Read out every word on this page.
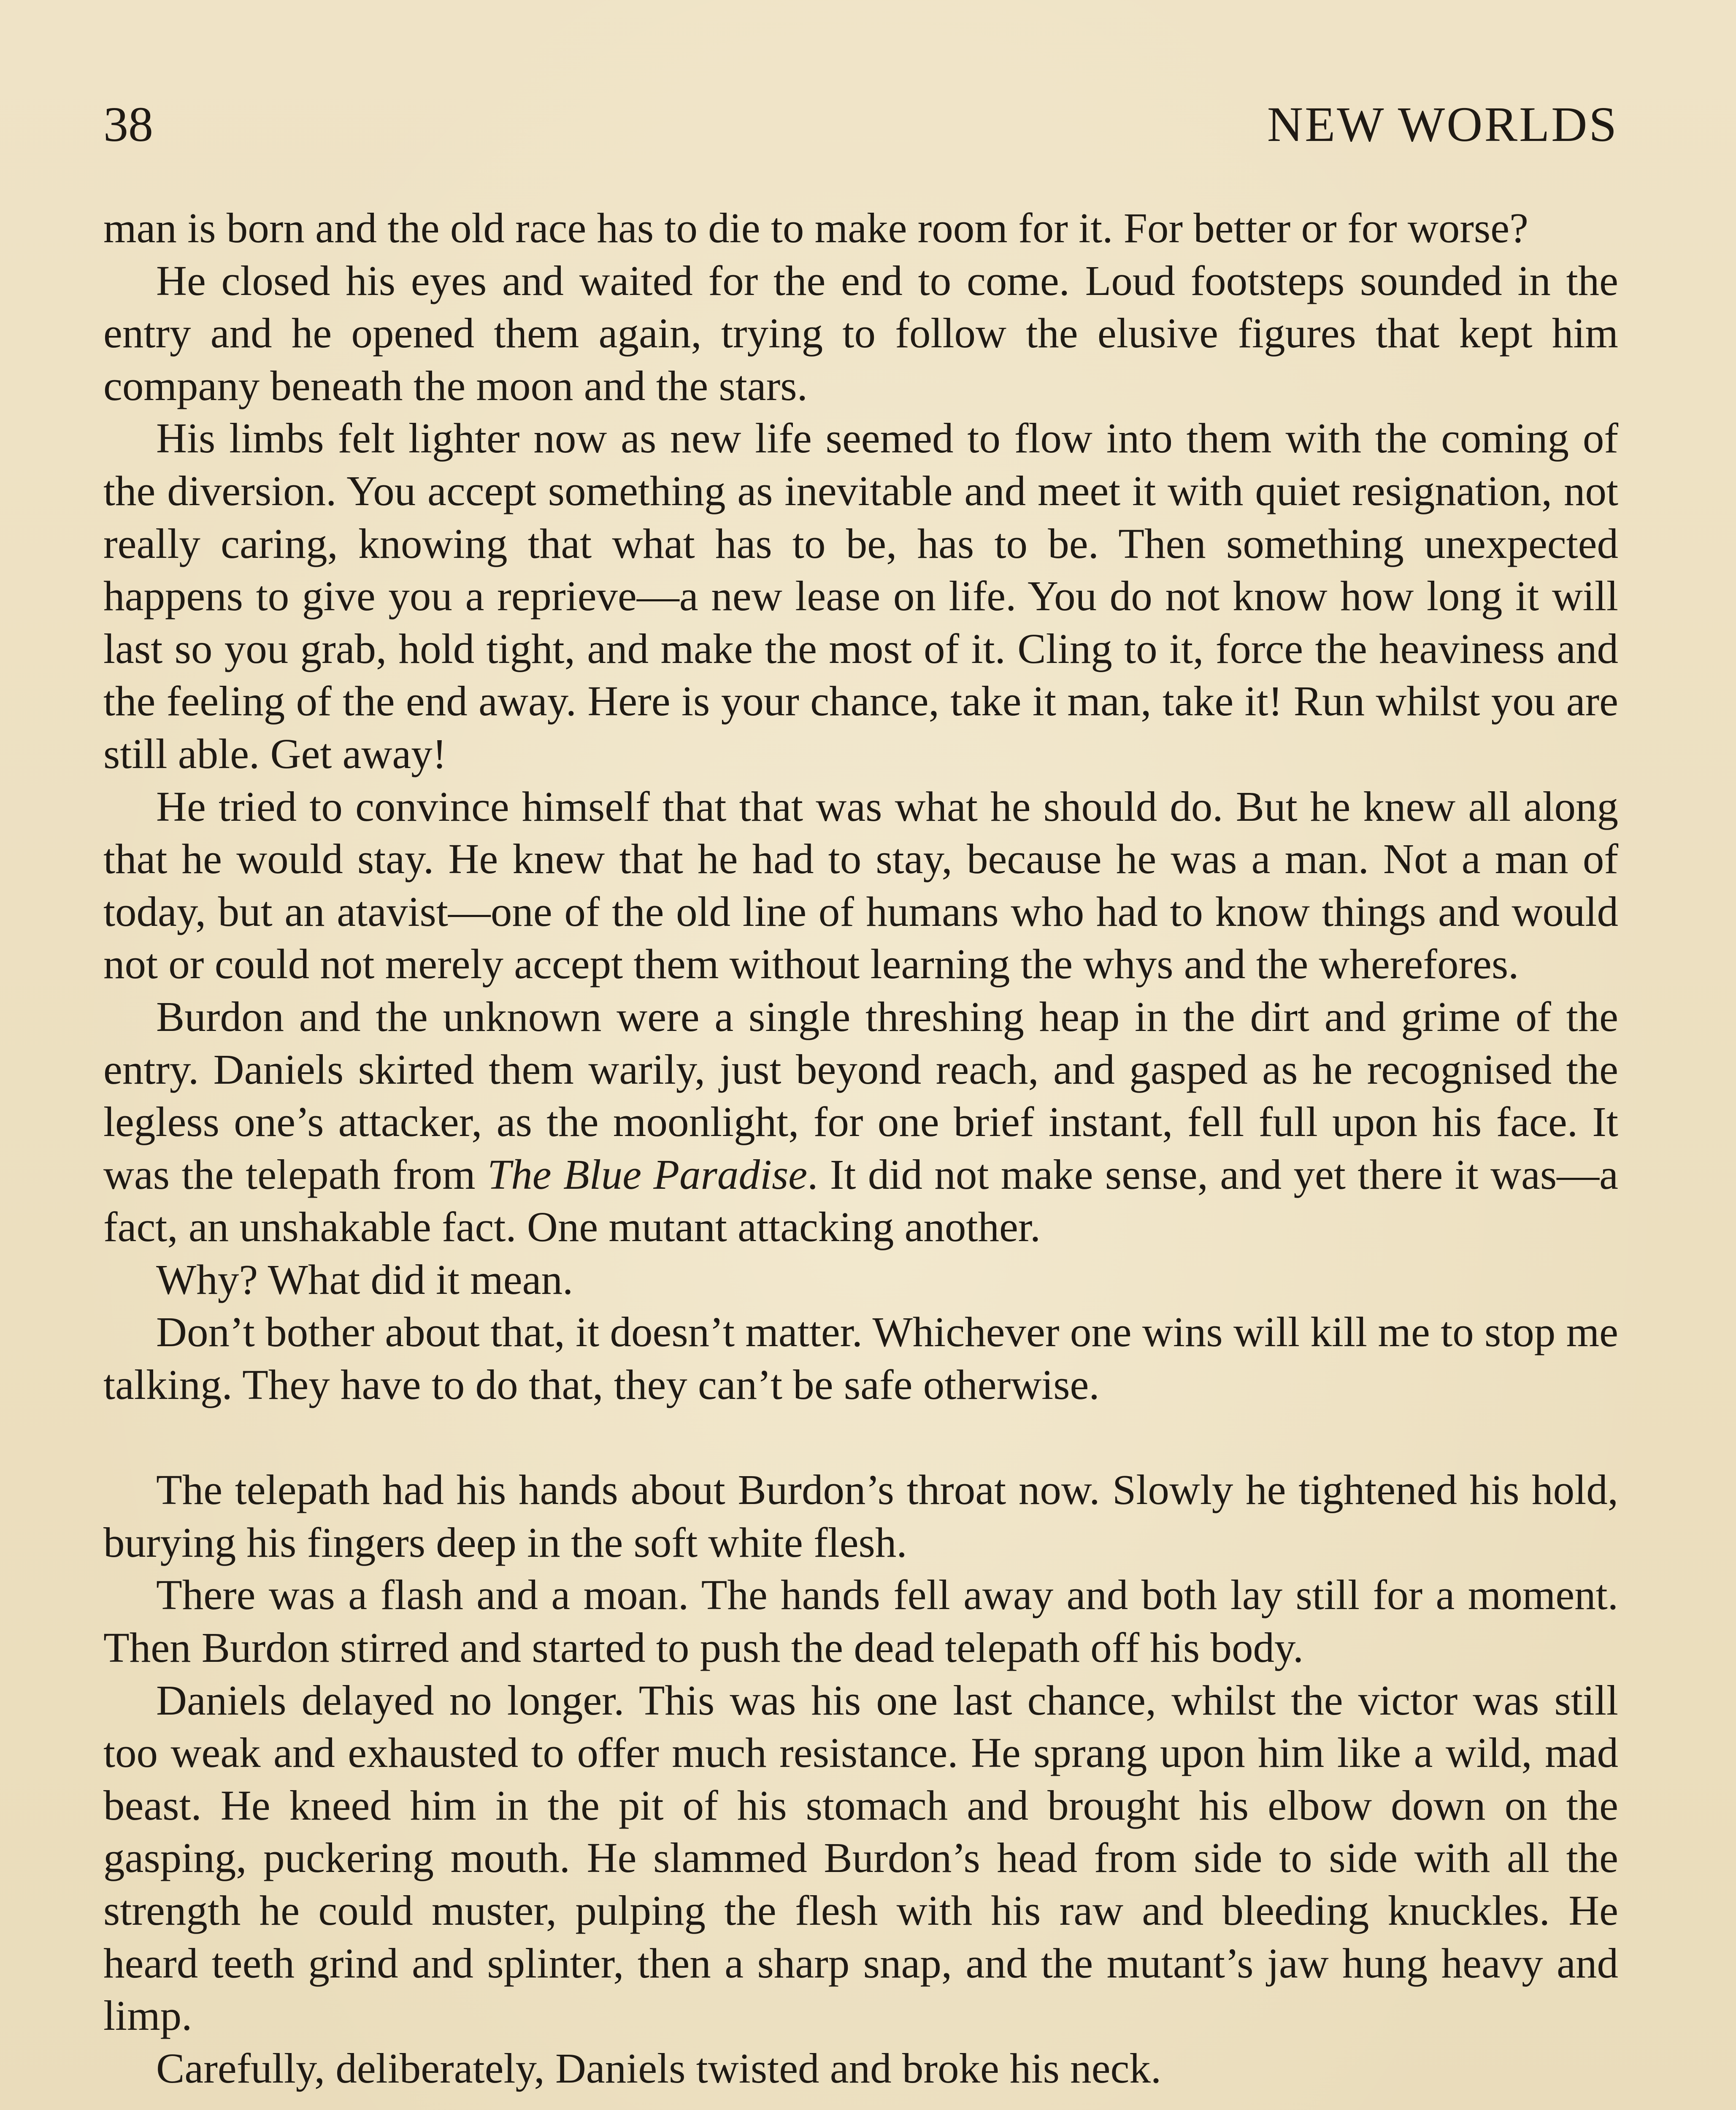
38	NEW WORLDS

man is born and the old race has to die to make room for it. For better or for worse?

He closed his eyes and waited for the end to come. Loud footsteps sounded in the entry and he opened them again, trying to follow the elusive figures that kept him company beneath the moon and the stars.

His limbs felt lighter now as new life seemed to flow into them with the coming of the diversion. You accept something as inevitable and meet it with quiet resignation, not really caring, knowing that what has to be, has to be. Then something unexpected happens to give you a reprieve—a new lease on life. You do not know how long it will last so you grab, hold tight, and make the most of it. Cling to it, force the heaviness and the feeling of the end away. Here is your chance, take it man, take it! Run whilst you are still able. Get away!

He tried to convince himself that that was what he should do. But he knew all along that he would stay. He knew that he had to stay, because he was a man. Not a man of today, but an atavist—one of the old line of humans who had to know things and would not or could not merely accept them without learning the whys and the wherefores.

Burdon and the unknown were a single threshing heap in the dirt and grime of the entry. Daniels skirted them warily, just beyond reach, and gasped as he recognised the legless one’s attacker, as the moonlight, for one brief instant, fell full upon his face. It was the telepath from The Blue Paradise. It did not make sense, and yet there it was—a fact, an unshakable fact. One mutant attacking another.

Why? What did it mean.

Don’t bother about that, it doesn’t matter. Whichever one wins will kill me to stop me talking. They have to do that, they can’t be safe otherwise.

The telepath had his hands about Burdon’s throat now. Slowly he tightened his hold, burying his fingers deep in the soft white flesh.

There was a flash and a moan. The hands fell away and both lay still for a moment. Then Burdon stirred and started to push the dead telepath off his body.

Daniels delayed no longer. This was his one last chance, whilst the victor was still too weak and exhausted to offer much resistance. He sprang upon him like a wild, mad beast. He kneed him in the pit of his stomach and brought his elbow down on the gasping, puckering mouth. He slammed Burdon’s head from side to side with all the strength he could muster, pulping the flesh with his raw and bleeding knuckles. He heard teeth grind and splinter, then a sharp snap, and the mutant’s jaw hung heavy and limp.

Carefully, deliberately, Daniels twisted and broke his neck.
